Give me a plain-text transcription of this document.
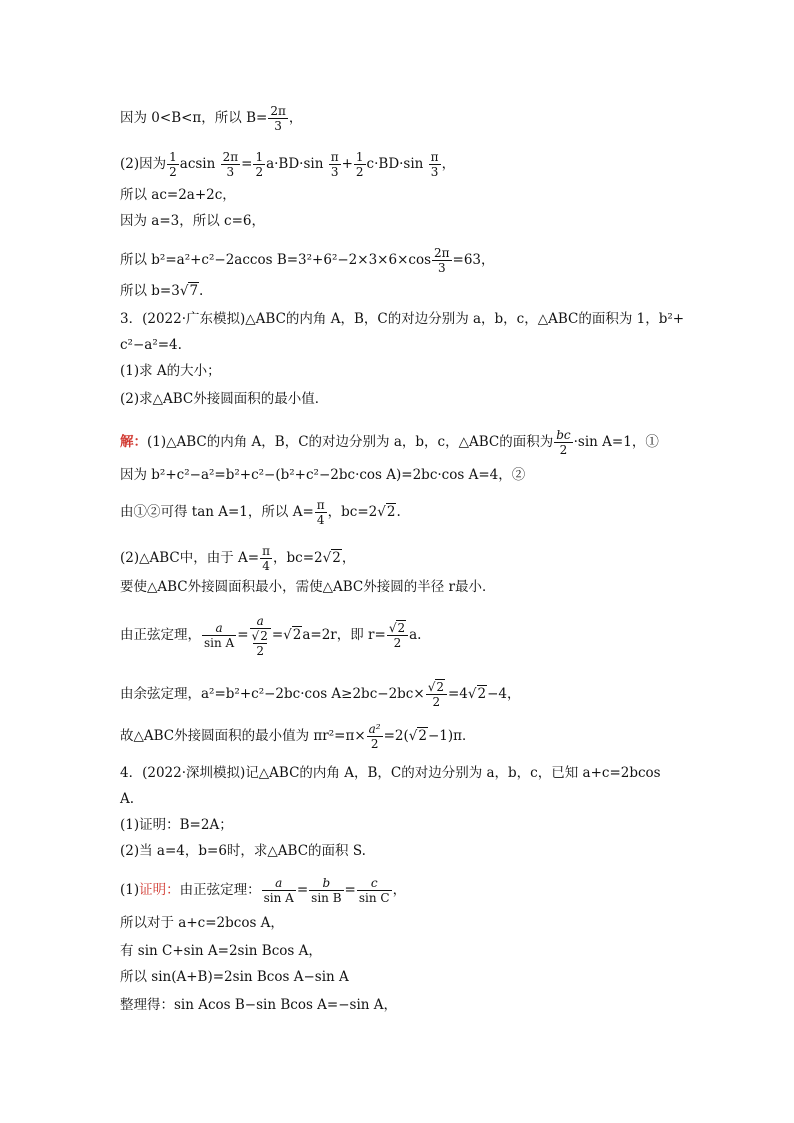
因为 0<B<π，所以 $B= \frac{2\pi}{3}$ ，
(2)因为 $\frac{1}{2}$ acsin $\frac{2\pi}{3} = \frac{1}{2} a\cdot BD\cdot\sin \frac{\pi}{3} + \frac{1}{2} c\cdot BD\cdot\sin \frac{\pi}{3}$ ，
所以 ac=2a+2c，
因为 a=3，所以 c=6，
所以 b²=a²+c²−2accos $B=3^2+6^2-2\times 3\times 6\times\cos \frac{2\pi}{3} =63$，
所以 b=3√7.
3．(2022·广东模拟)△ABC的内角 A，B，C的对边分别为 a，b，c，△ABC的面积为 1，b²+
c²−a²=4.
(1)求 A的大小；
(2)求△ABC外接圆面积的最小值．
解：(1)△ABC的内角 A，B，C的对边分别为 a，b，c，△ABC的面积为 $\frac{bc}{2} \cdot\sin$ A=1，①
因为 b²+c²−a²=b²+c²−(b²+c²−2bc·cos A)=2bc·cos A=4，②
由①②可得 tan A=1，所以 $A= \frac{\pi}{4}$ ，bc=2√2.
(2)△ABC中，由于 $A= \frac{\pi}{4}$ ，bc=2√2，
要使△ABC外接圆面积最小，需使△ABC外接圆的半径 r最小．
由正弦定理， $\frac{a}{\text{sin A}}$ =
a
√2
2
=√2a=2r，即 $r= \frac{√2}{2} a$.
由余弦定理，a²=b²+c²−2bc·cos $A\ge 2bc-2bc\times \frac{√2}{2} =4√2-4$，
故△ABC外接圆面积的最小值为 $\pi r^2=\pi\times \frac{\text{a²}}{2} =2(√2-1)\pi$．
4．(2022·深圳模拟)记△ABC的内角 A，B，C的对边分别为 a，b，c，已知 a+c=2bcos
A.
(1)证明：B=2A；
(2)当 a=4，b=6时，求△ABC的面积 S.
(1)证明：由正弦定理： $\frac{a}{\text{sin A}} = \frac{b}{\text{sin B}} = \frac{c}{\text{sin C}}$ ，
所以对于 a+c=2bcos A，
有 sin C+sin A=2sin Bcos A，
所以 sin(A+B)=2sin Bcos A−sin A
整理得：sin Acos B−sin Bcos A=−sin A，
